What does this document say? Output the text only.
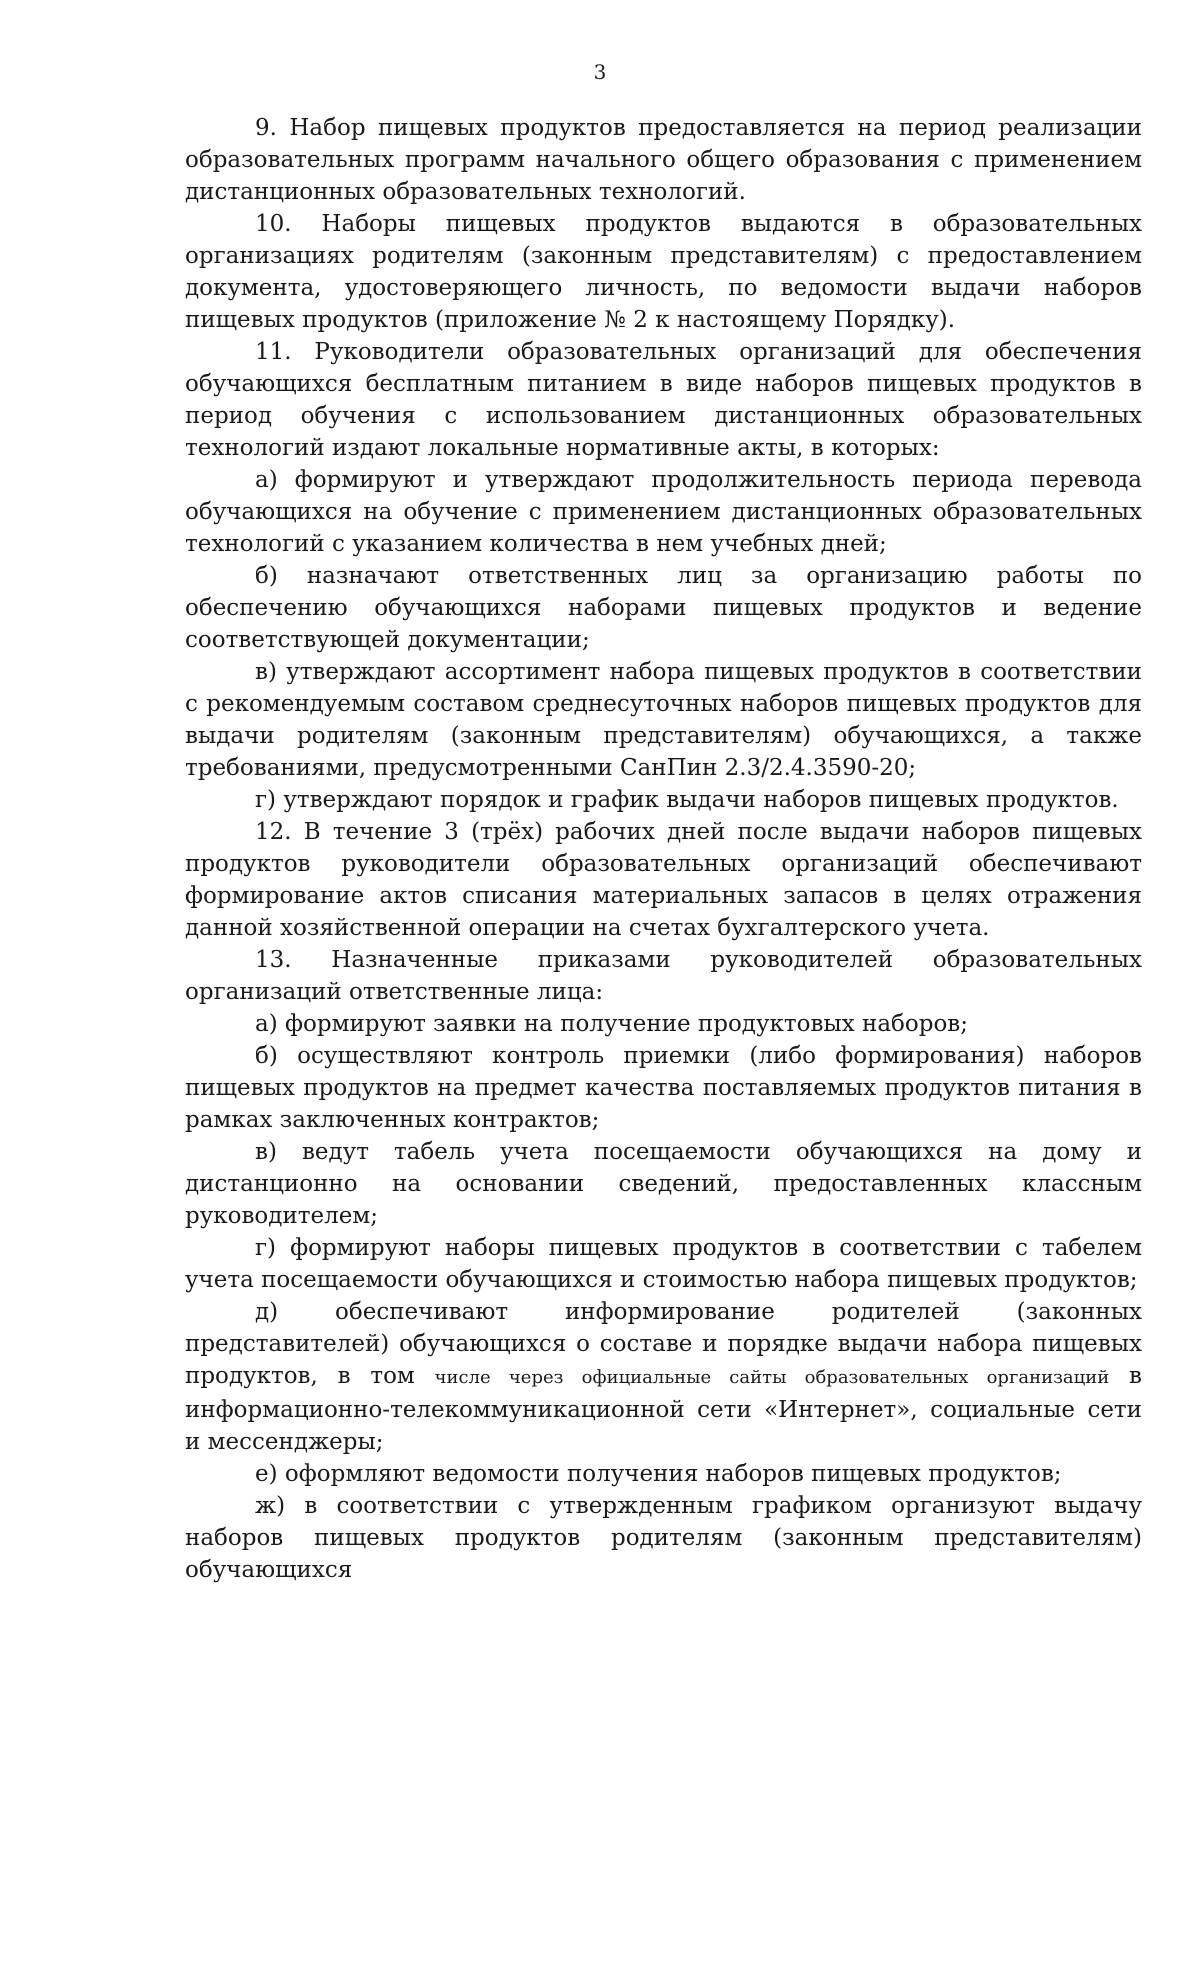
3

9. Набор пищевых продуктов предоставляется на период реализации образовательных программ начального общего образования с применением дистанционных образовательных технологий.

10. Наборы пищевых продуктов выдаются в образовательных организациях родителям (законным представителям) с предоставлением документа, удостоверяющего личность, по ведомости выдачи наборов пищевых продуктов (приложение № 2 к настоящему Порядку).

11. Руководители образовательных организаций для обеспечения обучающихся бесплатным питанием в виде наборов пищевых продуктов в период обучения с использованием дистанционных образовательных технологий издают локальные нормативные акты, в которых:

а) формируют и утверждают продолжительность периода перевода обучающихся на обучение с применением дистанционных образовательных технологий с указанием количества в нем учебных дней;

б) назначают ответственных лиц за организацию работы по обеспечению обучающихся наборами пищевых продуктов и ведение соответствующей документации;

в) утверждают ассортимент набора пищевых продуктов в соответствии с рекомендуемым составом среднесуточных наборов пищевых продуктов для выдачи родителям (законным представителям) обучающихся, а также требованиями, предусмотренными СанПин 2.3/2.4.3590-20;

г) утверждают порядок и график выдачи наборов пищевых продуктов.

12. В течение 3 (трёх) рабочих дней после выдачи наборов пищевых продуктов руководители образовательных организаций обеспечивают формирование актов списания материальных запасов в целях отражения данной хозяйственной операции на счетах бухгалтерского учета.

13. Назначенные приказами руководителей образовательных организаций ответственные лица:

а) формируют заявки на получение продуктовых наборов;

б) осуществляют контроль приемки (либо формирования) наборов пищевых продуктов на предмет качества поставляемых продуктов питания в рамках заключенных контрактов;

в) ведут табель учета посещаемости обучающихся на дому и дистанционно на основании сведений, предоставленных классным руководителем;

г) формируют наборы пищевых продуктов в соответствии с табелем учета посещаемости обучающихся и стоимостью набора пищевых продуктов;

д) обеспечивают информирование родителей (законных представителей) обучающихся о составе и порядке выдачи набора пищевых продуктов, в том числе через официальные сайты образовательных организаций в информационно-телекоммуникационной сети «Интернет», социальные сети и мессенджеры;

е) оформляют ведомости получения наборов пищевых продуктов;

ж) в соответствии с утвержденным графиком организуют выдачу наборов пищевых продуктов родителям (законным представителям) обучающихся
